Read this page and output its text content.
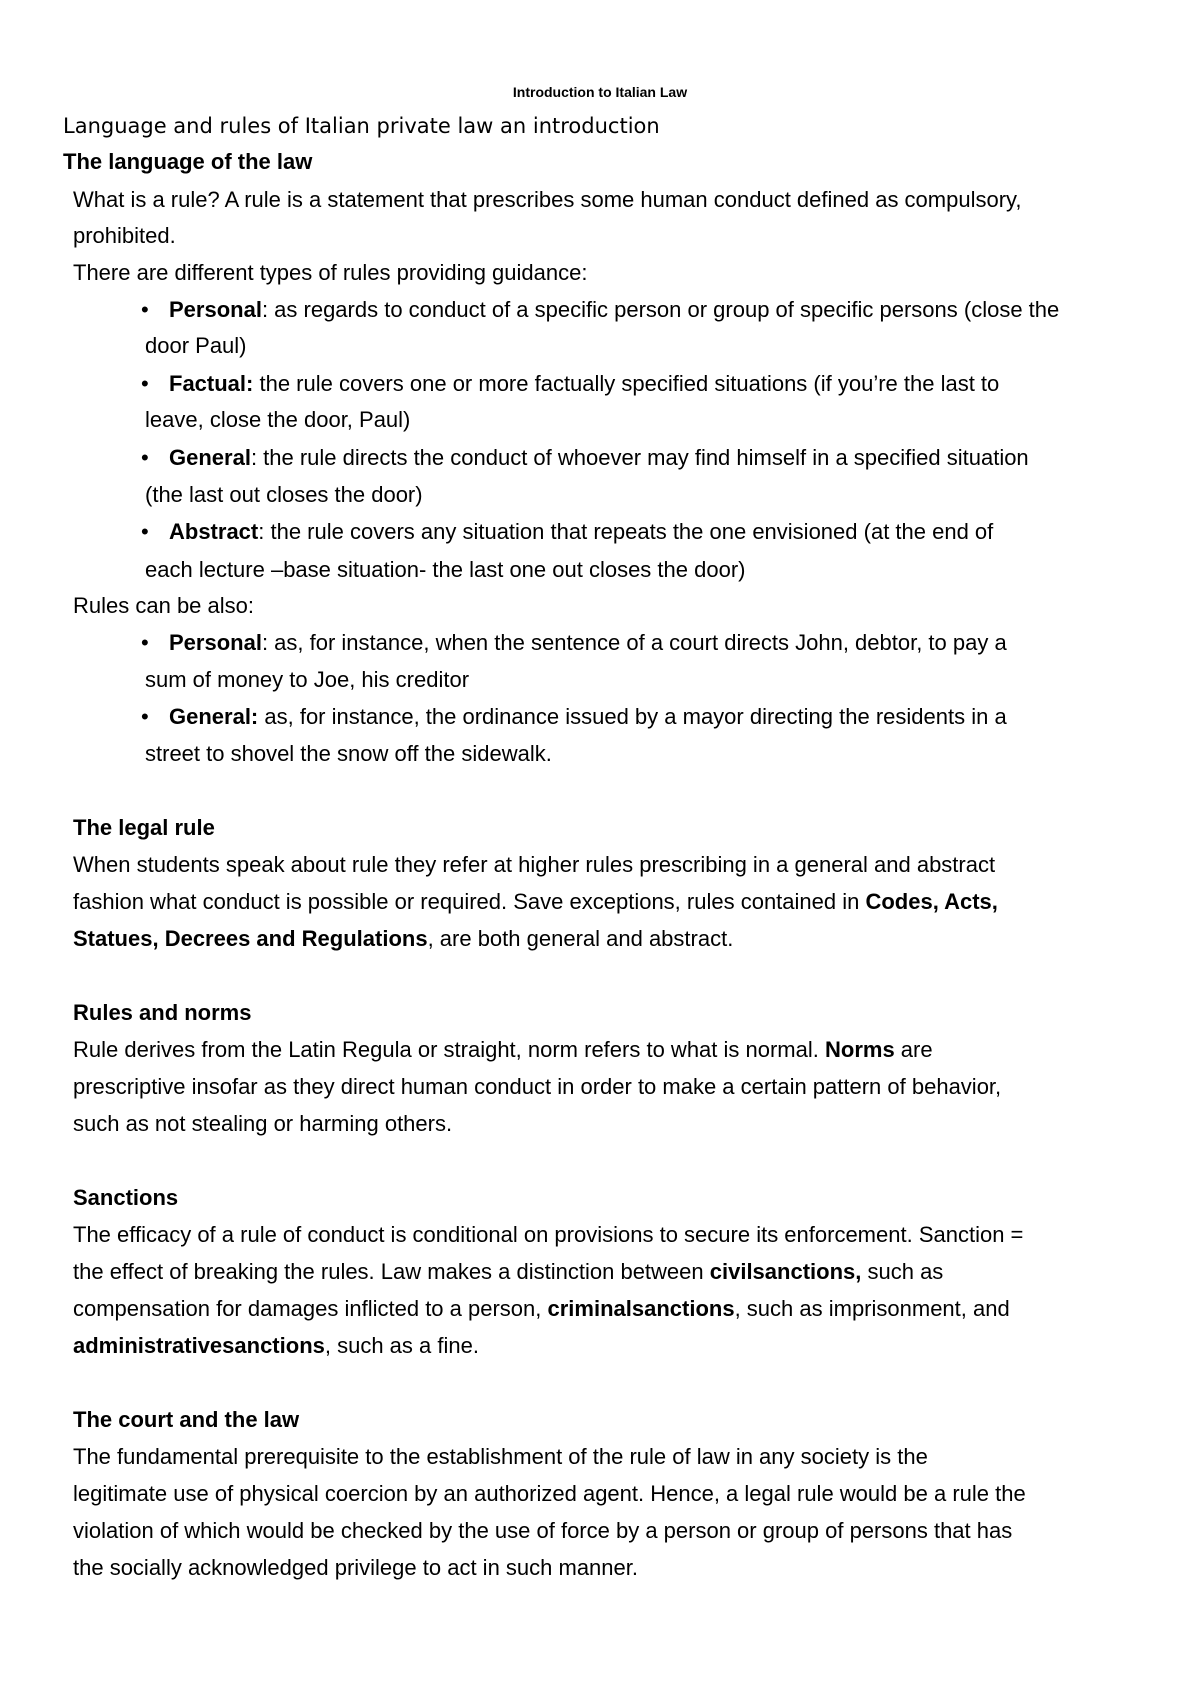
Introduction to Italian Law
Language and rules of Italian private law an introduction
The language of the law
What is a rule? A rule is a statement that prescribes some human conduct defined as compulsory,
prohibited.
There are different types of rules providing guidance:
• Personal: as regards to conduct of a specific person or group of specific persons (close the
door Paul)
• Factual: the rule covers one or more factually specified situations (if you’re the last to
leave, close the door, Paul)
• General: the rule directs the conduct of whoever may find himself in a specified situation
(the last out closes the door)
• Abstract: the rule covers any situation that repeats the one envisioned (at the end of
each lecture –base situation- the last one out closes the door)
Rules can be also:
• Personal: as, for instance, when the sentence of a court directs John, debtor, to pay a
sum of money to Joe, his creditor
• General: as, for instance, the ordinance issued by a mayor directing the residents in a
street to shovel the snow off the sidewalk.
The legal rule
When students speak about rule they refer at higher rules prescribing in a general and abstract
fashion what conduct is possible or required. Save exceptions, rules contained in Codes, Acts,
Statues, Decrees and Regulations, are both general and abstract.
Rules and norms
Rule derives from the Latin Regula or straight, norm refers to what is normal. Norms are
prescriptive insofar as they direct human conduct in order to make a certain pattern of behavior,
such as not stealing or harming others.
Sanctions
The efficacy of a rule of conduct is conditional on provisions to secure its enforcement. Sanction =
the effect of breaking the rules. Law makes a distinction between civilsanctions, such as
compensation for damages inflicted to a person, criminalsanctions, such as imprisonment, and
administrativesanctions, such as a fine.
The court and the law
The fundamental prerequisite to the establishment of the rule of law in any society is the
legitimate use of physical coercion by an authorized agent. Hence, a legal rule would be a rule the
violation of which would be checked by the use of force by a person or group of persons that has
the socially acknowledged privilege to act in such manner.
